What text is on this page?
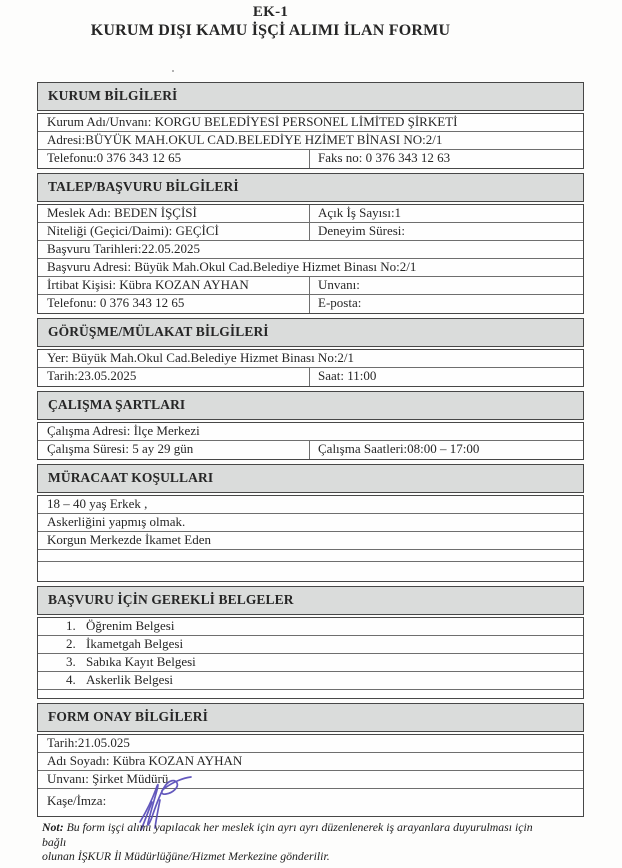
EK-1
KURUM DIŞI KAMU İŞÇİ ALIMI İLAN FORMU
KURUM BİLGİLERİ
Kurum Adı/Unvanı: KORGU BELEDİYESİ PERSONEL LİMİTED ŞİRKETİ
Adresi:BÜYÜK MAH.OKUL CAD.BELEDİYE HZİMET BİNASI NO:2/1
Telefonu:0 376 343 12 65	Faks no: 0 376 343 12 63
TALEP/BAŞVURU BİLGİLERİ
Meslek Adı: BEDEN İŞÇİSİ	Açık İş Sayısı:1
Niteliği (Geçici/Daimi): GEÇİCİ	Deneyim Süresi:
Başvuru Tarihleri:22.05.2025
Başvuru Adresi: Büyük Mah.Okul Cad.Belediye Hizmet Binası No:2/1
İrtibat Kişisi: Kübra KOZAN AYHAN	Unvanı:
Telefonu: 0 376 343 12 65	E-posta:
GÖRÜŞME/MÜLAKAT BİLGİLERİ
Yer: Büyük Mah.Okul Cad.Belediye Hizmet Binası No:2/1
Tarih:23.05.2025	Saat: 11:00
ÇALIŞMA ŞARTLARI
Çalışma Adresi: İlçe Merkezi
Çalışma Süresi: 5 ay 29 gün	Çalışma Saatleri:08:00 – 17:00
MÜRACAAT KOŞULLARI
18 – 40 yaş Erkek ,
Askerliğini yapmış olmak.
Korgun Merkezde İkamet Eden
BAŞVURU İÇİN GEREKLİ BELGELER
1. Öğrenim Belgesi
2. İkametgah Belgesi
3. Sabıka Kayıt Belgesi
4. Askerlik Belgesi
FORM ONAY BİLGİLERİ
Tarih:21.05.025
Adı Soyadı: Kübra KOZAN AYHAN
Unvanı: Şirket Müdürü
Kaşe/İmza:
Not: Bu form işçi alımı yapılacak her meslek için ayrı ayrı düzenlenerek iş arayanlara duyurulması için bağlı
olunan İŞKUR İl Müdürlüğüne/Hizmet Merkezine gönderilir.
